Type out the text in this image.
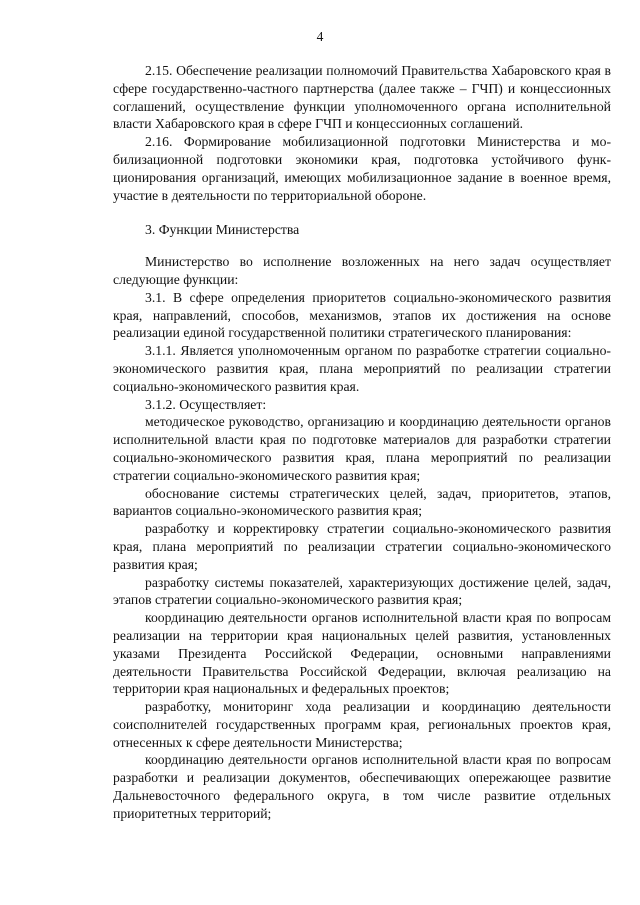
4

2.15. Обеспечение реализации полномочий Правительства Хабаровского края в сфере государственно-частного партнерства (далее также – ГЧП) и концессионных соглашений, осуществление функции уполномоченного органа исполнительной власти Хабаровского края в сфере ГЧП и концессионных соглашений.

2.16. Формирование мобилизационной подготовки Министерства и мобилизационной подготовки экономики края, подготовка устойчивого функционирования организаций, имеющих мобилизационное задание в военное время, участие в деятельности по территориальной обороне.

3. Функции Министерства

Министерство во исполнение возложенных на него задач осуществляет следующие функции:

3.1. В сфере определения приоритетов социально-экономического развития края, направлений, способов, механизмов, этапов их достижения на основе реализации единой государственной политики стратегического планирования:

3.1.1. Является уполномоченным органом по разработке стратегии социально-экономического развития края, плана мероприятий по реализации стратегии социально-экономического развития края.

3.1.2. Осуществляет:

методическое руководство, организацию и координацию деятельности органов исполнительной власти края по подготовке материалов для разработки стратегии социально-экономического развития края, плана мероприятий по реализации стратегии социально-экономического развития края;

обоснование системы стратегических целей, задач, приоритетов, этапов, вариантов социально-экономического развития края;

разработку и корректировку стратегии социально-экономического развития края, плана мероприятий по реализации стратегии социально-экономического развития края;

разработку системы показателей, характеризующих достижение целей, задач, этапов стратегии социально-экономического развития края;

координацию деятельности органов исполнительной власти края по вопросам реализации на территории края национальных целей развития, установленных указами Президента Российской Федерации, основными направлениями деятельности Правительства Российской Федерации, включая реализацию на территории края национальных и федеральных проектов;

разработку, мониторинг хода реализации и координацию деятельности соисполнителей государственных программ края, региональных проектов края, отнесенных к сфере деятельности Министерства;

координацию деятельности органов исполнительной власти края по вопросам разработки и реализации документов, обеспечивающих опережающее развитие Дальневосточного федерального округа, в том числе развитие отдельных приоритетных территорий;
